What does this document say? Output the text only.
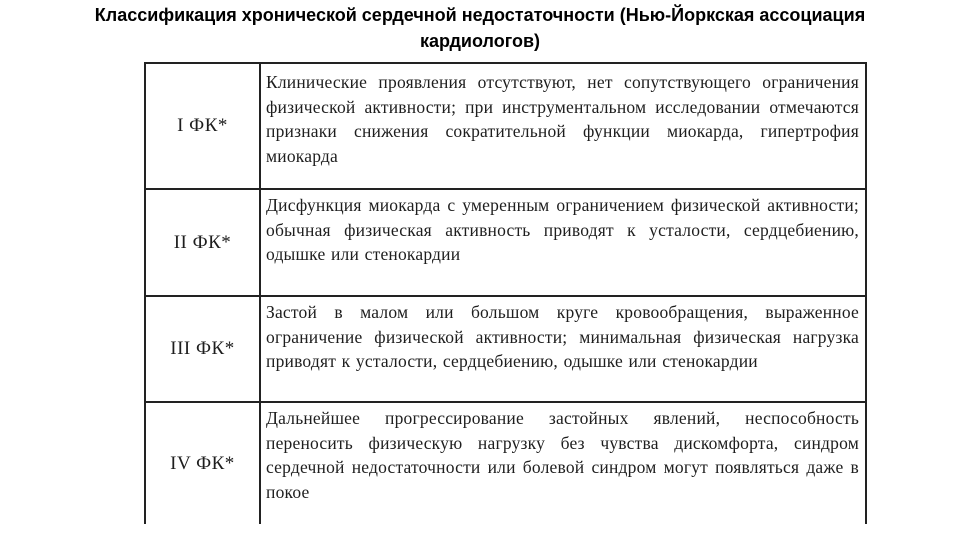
Классификация хронической сердечной недостаточности (Нью-Йоркская ассоциация кардиологов)
I ФК*
Клинические проявления отсутствуют, нет сопутствующего ограничения физической активности; при инструментальном исследовании отмечаются признаки снижения сократительной функции миокарда, гипертрофия миокарда
II ФК*
Дисфункция миокарда с умеренным ограничением физической активности; обычная физическая активность приводят к усталости, сердцебиению, одышке или стенокардии
III ФК*
Застой в малом или большом круге кровообращения, выраженное ограничение физической активности; минимальная физическая нагрузка приводят к усталости, сердцебиению, одышке или стенокардии
IV ФК*
Дальнейшее прогрессирование застойных явлений, неспособность переносить физическую нагрузку без чувства дискомфорта, синдром сердечной недостаточности или болевой синдром могут появляться даже в покое
